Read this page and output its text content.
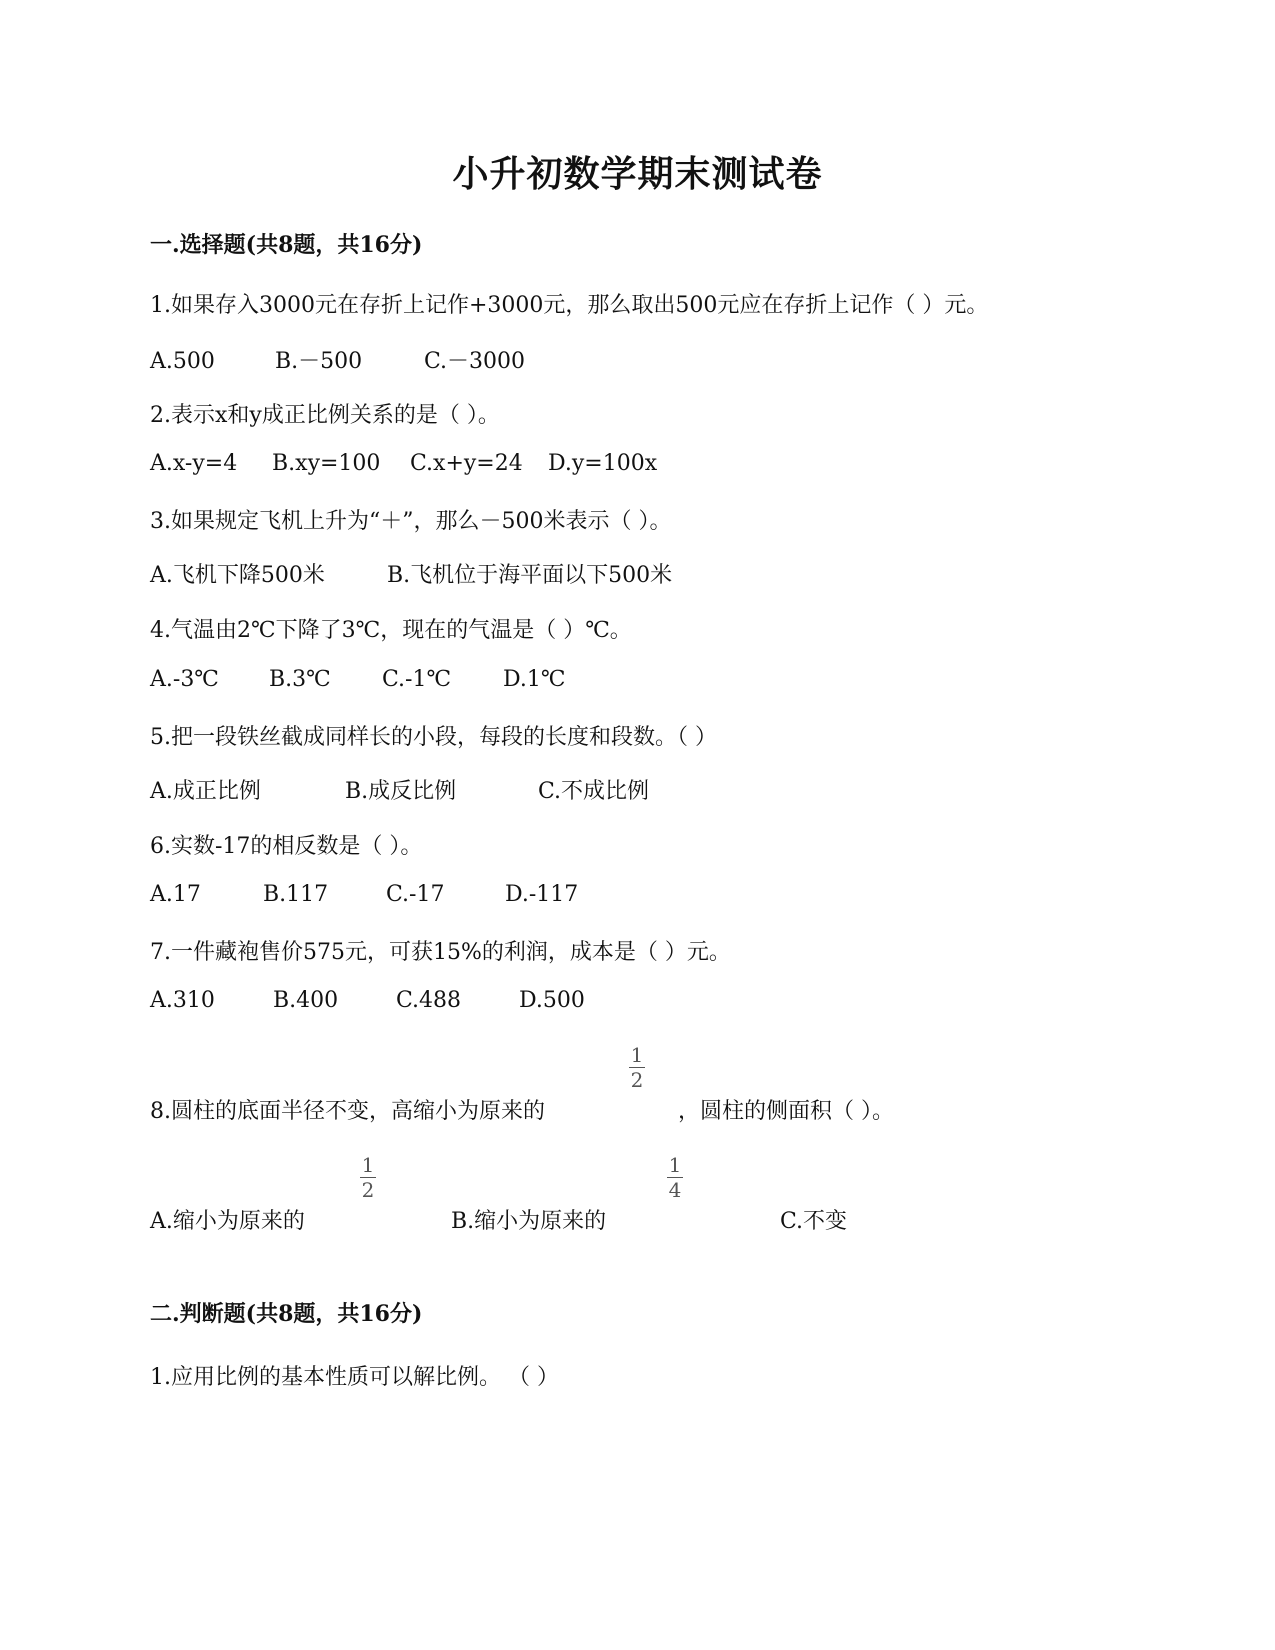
小升初数学期末测试卷
一.选择题(共8题，共16分)
1.如果存入3000元在存折上记作+3000元，那么取出500元应在存折上记作（ ）元。
A.500	B.－500	C.－3000
2.表示x和y成正比例关系的是（ ）。
A.x-y=4 B.xy=100 C.x+y=24 D.y=100x
3.如果规定飞机上升为“＋”，那么－500米表示（ ）。
A.飞机下降500米	B.飞机位于海平面以下500米
4.气温由2℃下降了3℃，现在的气温是（ ）℃。
A.-3℃ B.3℃ C.-1℃ D.1℃
5.把一段铁丝截成同样长的小段，每段的长度和段数。（ ）
A.成正比例	B.成反比例	C.不成比例
6.实数-17的相反数是（ ）。
A.17	B.117	C.-17	D.-117
7.一件藏袍售价575元，可获15%的利润，成本是（ ）元。
A.310	B.400	C.488	D.500
8.圆柱的底面半径不变，高缩小为原来的
1
2
，圆柱的侧面积（ ）。
A.缩小为原来的
1
2
B.缩小为原来的
1
4
C.不变
二.判断题(共8题，共16分)
1.应用比例的基本性质可以解比例。 （ ）
